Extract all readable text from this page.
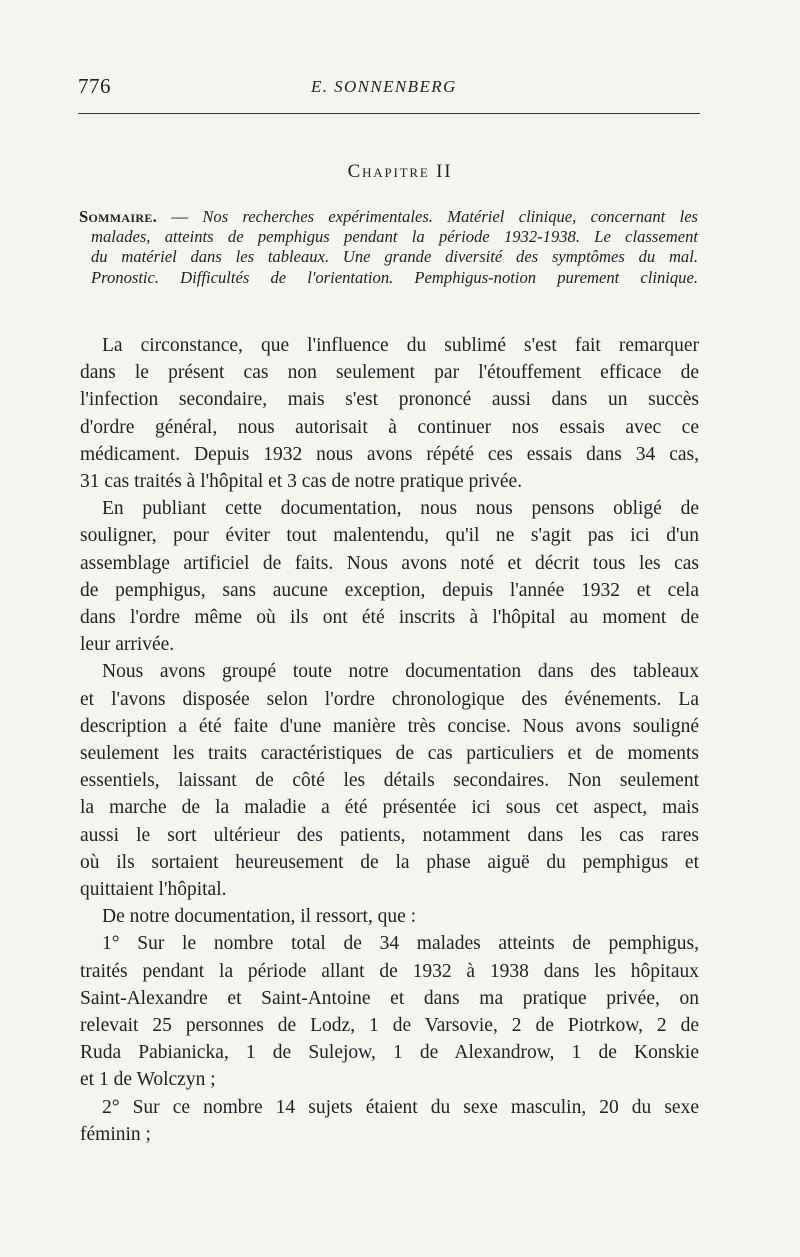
776	E. SONNENBERG
Chapitre II
Sommaire. — Nos recherches expérimentales. Matériel clinique, concernant les
malades, atteints de pemphigus pendant la période 1932-1938. Le classement
du matériel dans les tableaux. Une grande diversité des symptômes du mal.
Pronostic. Difficultés de l'orientation. Pemphigus-notion purement clinique.
La circonstance, que l'influence du sublimé s'est fait remarquer
dans le présent cas non seulement par l'étouffement efficace de
l'infection secondaire, mais s'est prononcé aussi dans un succès
d'ordre général, nous autorisait à continuer nos essais avec ce
médicament. Depuis 1932 nous avons répété ces essais dans 34 cas,
31 cas traités à l'hôpital et 3 cas de notre pratique privée.
En publiant cette documentation, nous nous pensons obligé de
souligner, pour éviter tout malentendu, qu'il ne s'agit pas ici d'un
assemblage artificiel de faits. Nous avons noté et décrit tous les cas
de pemphigus, sans aucune exception, depuis l'année 1932 et cela
dans l'ordre même où ils ont été inscrits à l'hôpital au moment de
leur arrivée.
Nous avons groupé toute notre documentation dans des tableaux
et l'avons disposée selon l'ordre chronologique des événements. La
description a été faite d'une manière très concise. Nous avons souligné
seulement les traits caractéristiques de cas particuliers et de moments
essentiels, laissant de côté les détails secondaires. Non seulement
la marche de la maladie a été présentée ici sous cet aspect, mais
aussi le sort ultérieur des patients, notamment dans les cas rares
où ils sortaient heureusement de la phase aiguë du pemphigus et
quittaient l'hôpital.
De notre documentation, il ressort, que :
1° Sur le nombre total de 34 malades atteints de pemphigus,
traités pendant la période allant de 1932 à 1938 dans les hôpitaux
Saint-Alexandre et Saint-Antoine et dans ma pratique privée, on
relevait 25 personnes de Lodz, 1 de Varsovie, 2 de Piotrkow, 2 de
Ruda Pabianicka, 1 de Sulejow, 1 de Alexandrow, 1 de Konskie
et 1 de Wolczyn ;
2° Sur ce nombre 14 sujets étaient du sexe masculin, 20 du sexe
féminin ;
